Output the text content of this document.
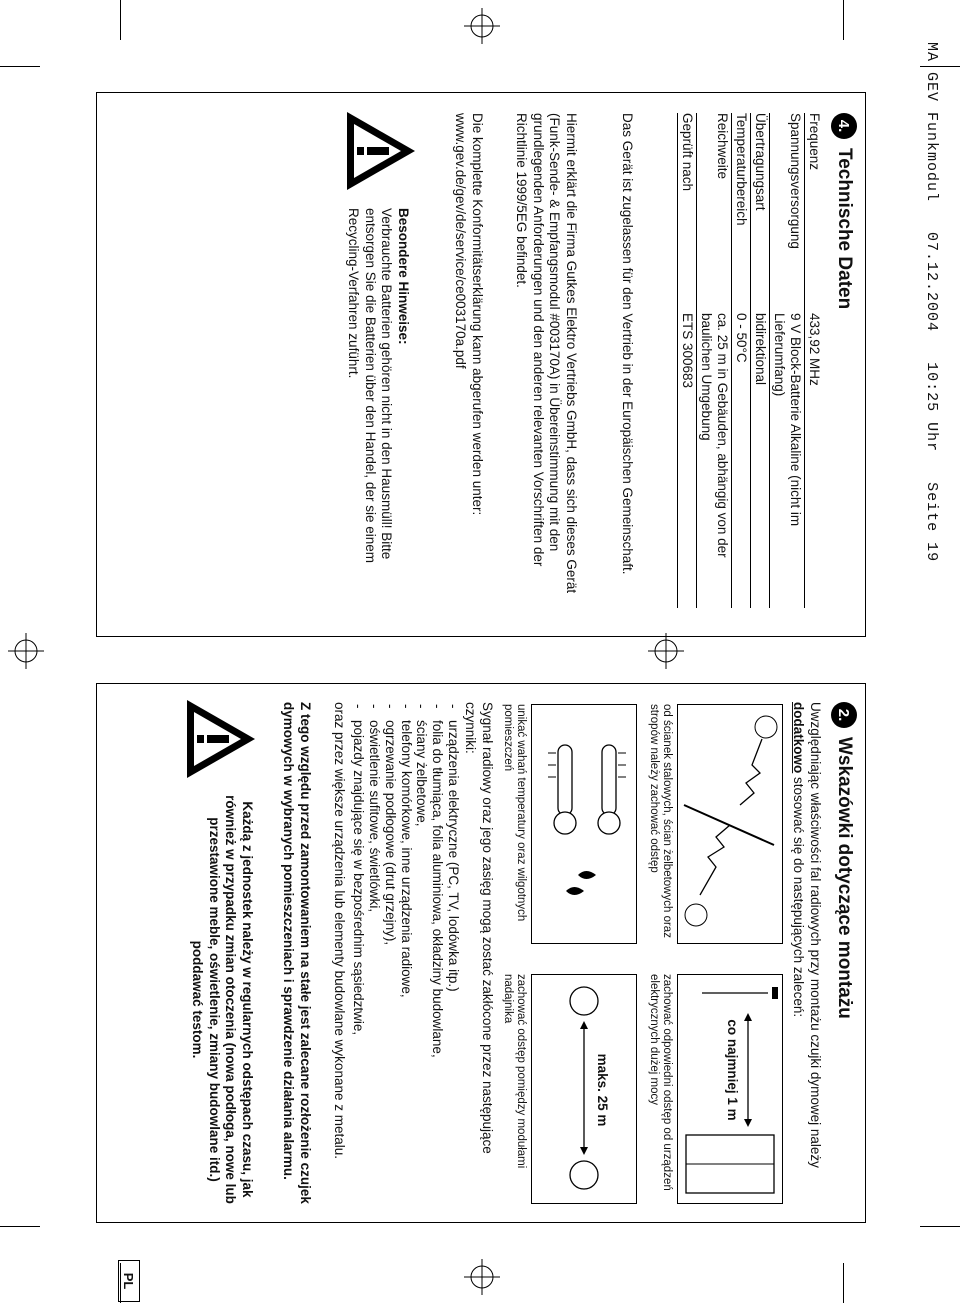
MA GEV Funkmodul   07.12.2004   10:25 Uhr   Seite 19
4.
Technische Daten
Frequenz	433,92 MHz
Spannungsversorgung	9 V Block-Batterie Alkaline (nicht im Lieferumfang)
Übertragungsart	bidirektional
Temperaturbereich	0 - 50°C
Reichweite	ca. 25 m in Gebäuden, abhängig von der baulichen Umgebung
Geprüft nach	ETS 300683
Das Gerät ist zugelassen für den Vertrieb in der Europäischen Gemeinschaft.
Hiermit erklärt die Firma Gutkes Elektro Vertriebs GmbH, dass sich dieses Gerät (Funk-Sende- & Empfangsmodul #003170A) in Übereinstimmung mit den grundlegenden Anforderungen und den anderen relevanten Vorschriften der Richtlinie 1999/5EG befindet.
Die komplette Konformitätserklärung kann abgerufen werden unter:
www.gev.de/gev/de/service/ce003170a.pdf
Besondere Hinweise:
Verbrauchte Batterien gehören nicht in den Hausmüll! Bitte entsorgen Sie die Batterien über den Handel, der sie einem Recycling-Verfahren zuführt.
2.
Wskazówki dotyczące montażu
Uwzględniając właściwości fal radiowych przy montażu czujki dymowej należy dodatkowo stosować się do następujących zaleceń:
od ścianek stalowych, ścian żelbetowych oraz stropów należy zachować odstęp
co najmniej 1 m
zachować odpowiedni odstęp od urządzeń elektrycznych dużej mocy
unikać wahań temperatury oraz wilgotnych pomieszczeń
maks. 25 m
zachować odstęp pomiędzy modułami nadajnika
Sygnał radiowy oraz jego zasięg mogą zostać zakłócone przez następujące czynniki:
- urządzenia elektryczne (PC, TV, lodówka itp.)
- folia do tłumiąca, folia aluminiowa, okładziny budowlane,
- ściany żelbetowe,
- telefony komórkowe, inne urządzenia radiowe,
- ogrzewanie podłogowe (drut grzejny),
- oświetlenie sufitowe, świetlówki,
- pojazdy znajdujące się w bezpośrednim sąsiedztwie,
oraz przez większe urządzenia lub elementy budowlane wykonane z metalu.
Z tego względu przed zamontowaniem na stałe jest zalecane rozłożenie czujek dymowych w wybranych pomieszczeniach i sprawdzenie działania alarmu.
Każdą z jednostek należy w regularnych odstępach czasu, jak również w przypadku zmian otoczenia (nowa podłoga, nowe lub przestawione meble, oświetlenie, zmiany budowlane itd.) poddawać testom.
PL
